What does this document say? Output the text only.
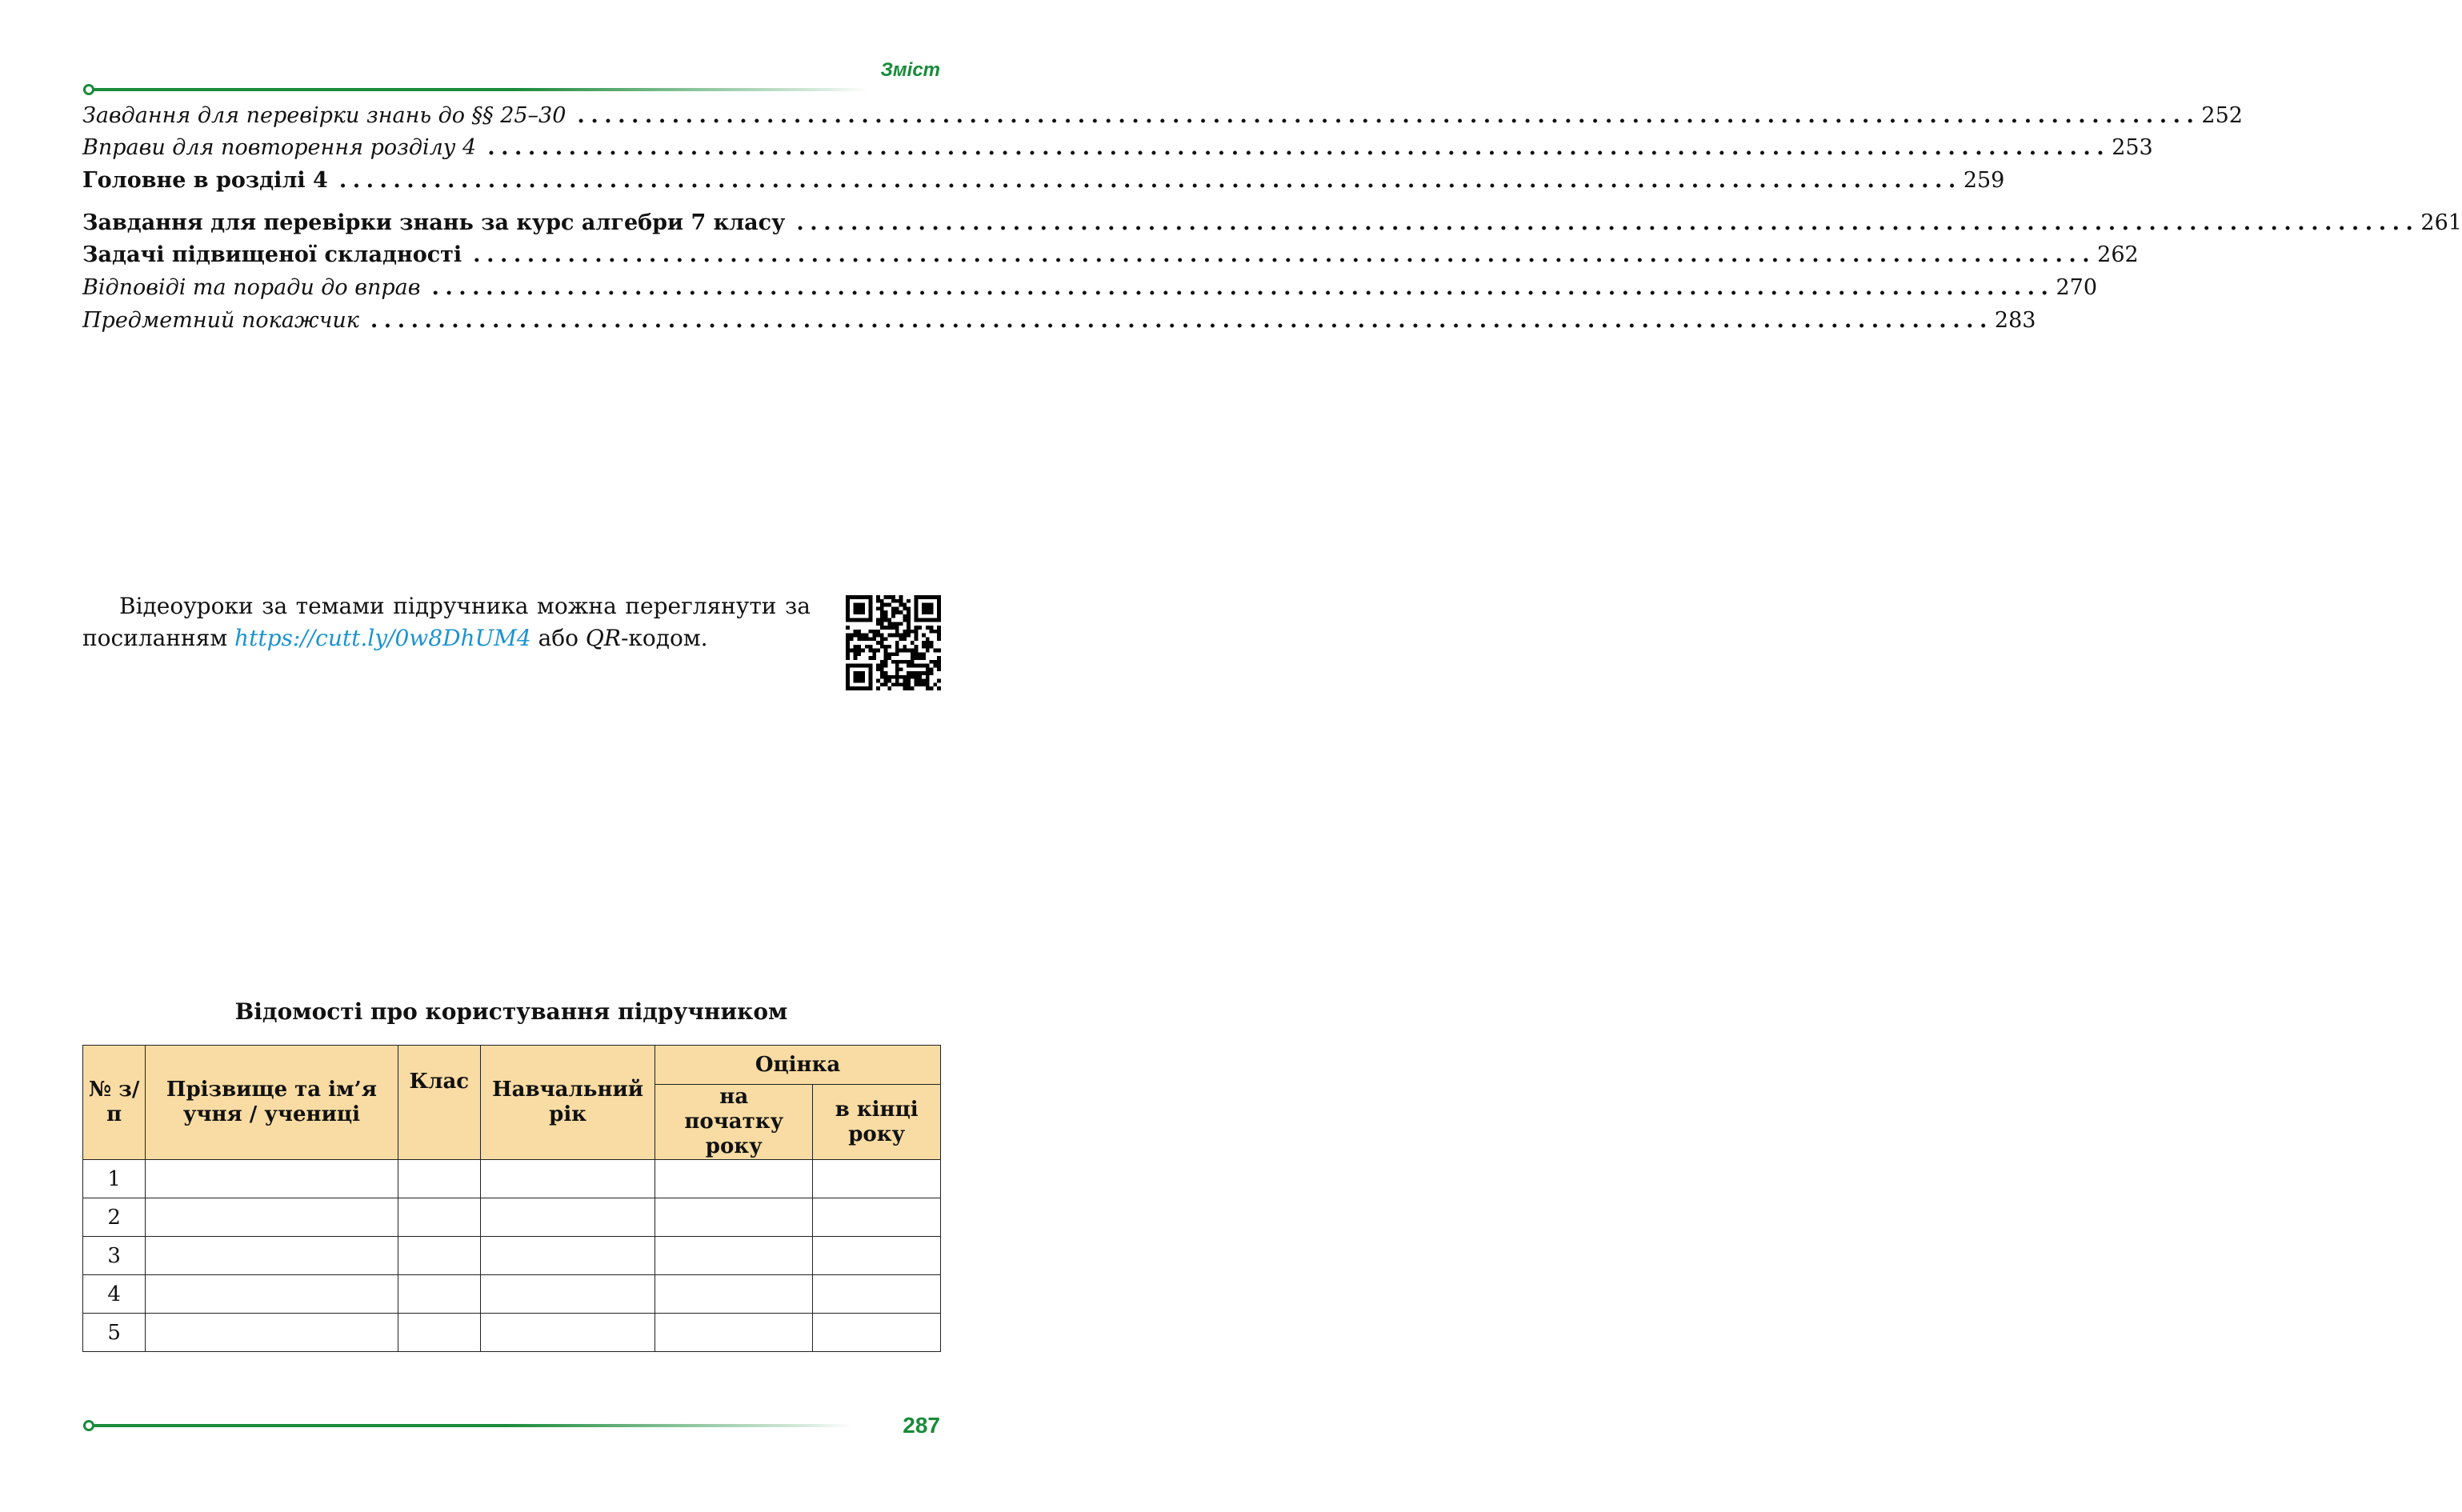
Зміст
Завдання для перевірки знань до §§ 25–30 ........................................................................................................................ 252
Вправи для повторення розділу 4 ........................................................................................................................ 253
Головне в розділі 4 ........................................................................................................................ 259
Завдання для перевірки знань за курс алгебри 7 класу ........................................................................................................................ 261
Задачі підвищеної складності ........................................................................................................................ 262
Відповіді та поради до вправ ........................................................................................................................ 270
Предметний покажчик ........................................................................................................................ 283
Відеоуроки за темами підручника можна переглянути за посиланням https://cutt.ly/0w8DhUM4 або QR-кодом.
Відомості про користування підручником
№ з/п	Прізвище та ім’я учня / учениці	Клас	Навчальний рік	Оцінка	
				на початку року	в кінці року
1					
2					
3					
4					
5					
287
